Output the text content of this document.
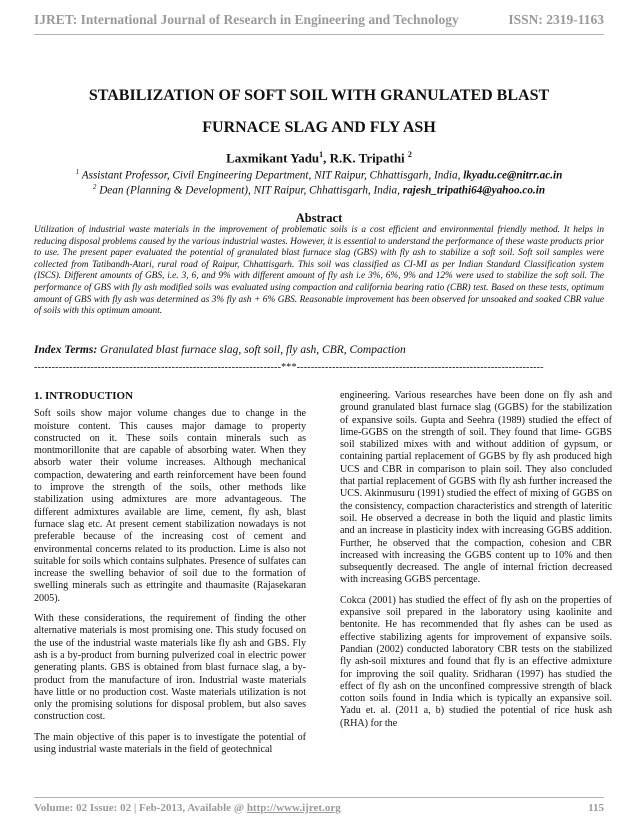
IJRET: International Journal of Research in Engineering and Technology	ISSN: 2319-1163
STABILIZATION OF SOFT SOIL WITH GRANULATED BLAST
FURNACE SLAG AND FLY ASH
Laxmikant Yadu$^1$, R.K. Tripathi $^2$
$^1$ Assistant Professor, Civil Engineering Department, NIT Raipur, Chhattisgarh, India, lkyadu.ce@nitrr.ac.in
$^2$ Dean (Planning & Development), NIT Raipur, Chhattisgarh, India, rajesh_tripathi64@yahoo.co.in
Abstract
Utilization of industrial waste materials in the improvement of problematic soils is a cost efficient and environmental friendly method. It helps in reducing disposal problems caused by the various industrial wastes. However, it is essential to understand the performance of these waste products prior to use. The present paper evaluated the potential of granulated blast furnace slag (GBS) with fly ash to stabilize a soft soil. Soft soil samples were collected from Tatibandh-Atari, rural road of Raipur, Chhattisgarh. This soil was classified as CI-MI as per Indian Standard Classification system (ISCS). Different amounts of GBS, i.e. 3, 6, and 9% with different amount of fly ash i.e 3%, 6%, 9% and 12% were used to stabilize the soft soil. The performance of GBS with fly ash modified soils was evaluated using compaction and california bearing ratio (CBR) test. Based on these tests, optimum amount of GBS with fly ash was determined as 3% fly ash + 6% GBS. Reasonable improvement has been observed for unsoaked and soaked CBR value of soils with this optimum amount.
Index Terms: Granulated blast furnace slag, soft soil, fly ash, CBR, Compaction
----------------------------------------------------------------------***----------------------------------------------------------------------
1. INTRODUCTION

Soft soils show major volume changes due to change in the moisture content. This causes major damage to property constructed on it. These soils contain minerals such as montmorillonite that are capable of absorbing water. When they absorb water their volume increases. Although mechanical compaction, dewatering and earth reinforcement have been found to improve the strength of the soils, other methods like stabilization using admixtures are more advantageous. The different admixtures available are lime, cement, fly ash, blast furnace slag etc. At present cement stabilization nowadays is not preferable because of the increasing cost of cement and environmental concerns related to its production. Lime is also not suitable for soils which contains sulphates. Presence of sulfates can increase the swelling behavior of soil due to the formation of swelling minerals such as ettringite and thaumasite (Rajasekaran 2005).

With these considerations, the requirement of finding the other alternative materials is most promising one. This study focused on the use of the industrial waste materials like fly ash and GBS. Fly ash is a by-product from burning pulverized coal in electric power generating plants. GBS is obtained from blast furnace slag, a by-product from the manufacture of iron. Industrial waste materials have little or no production cost. Waste materials utilization is not only the promising solutions for disposal problem, but also saves construction cost.

The main objective of this paper is to investigate the potential of using industrial waste materials in the field of geotechnical

engineering. Various researches have been done on fly ash and ground granulated blast furnace slag (GGBS) for the stabilization of expansive soils. Gupta and Seehra (1989) studied the effect of lime-GGBS on the strength of soil. They found that lime- GGBS soil stabilized mixes with and without addition of gypsum, or containing partial replacement of GGBS by fly ash produced high UCS and CBR in comparison to plain soil. They also concluded that partial replacement of GGBS with fly ash further increased the UCS. Akinmusuru (1991) studied the effect of mixing of GGBS on the consistency, compaction characteristics and strength of lateritic soil. He observed a decrease in both the liquid and plastic limits and an increase in plasticity index with increasing GGBS addition. Further, he observed that the compaction, cohesion and CBR increased with increasing the GGBS content up to 10% and then subsequently decreased. The angle of internal friction decreased with increasing GGBS percentage.

Cokca (2001) has studied the effect of fly ash on the properties of expansive soil prepared in the laboratory using kaolinite and bentonite. He has recommended that fly ashes can be used as effective stabilizing agents for improvement of expansive soils. Pandian (2002) conducted laboratory CBR tests on the stabilized fly ash-soil mixtures and found that fly is an effective admixture for improving the soil quality. Sridharan (1997) has studied the effect of fly ash on the unconfined compressive strength of black cotton soils found in India which is typically an expansive soil. Yadu et. al. (2011 a, b) studied the potential of rice husk ash (RHA) for the

Volume: 02 Issue: 02 | Feb-2013, Available @ http://www.ijret.org	115
